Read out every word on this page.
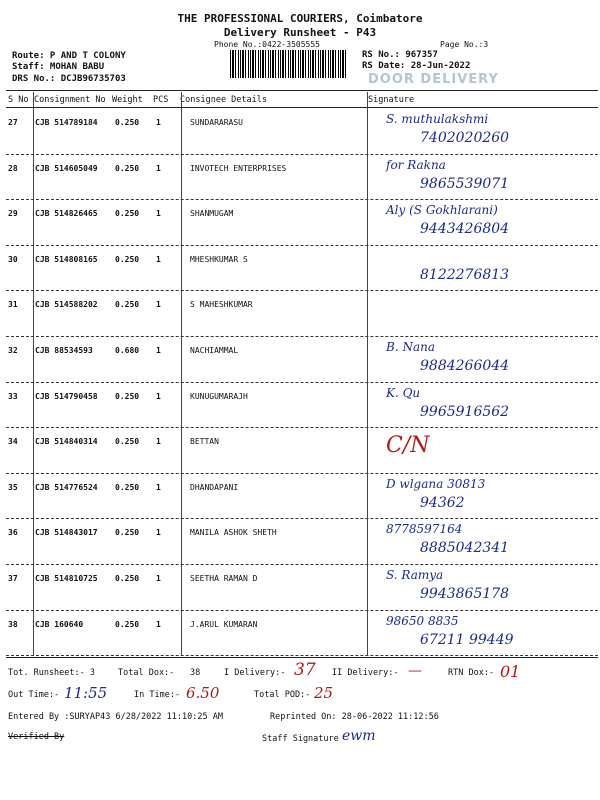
THE PROFESSIONAL COURIERS, Coimbatore
Delivery Runsheet - P43
Phone No.:0422-3505555	Page No.:3
Route: P AND T COLONY
Staff: MOHAN BABU
DRS No.: DCJB96735703
RS No.: 967357
RS Date: 28-Jun-2022
DOOR DELIVERY
S No Consignment No Weight PCS Consignee Details	Signature
27 CJB 514789184 0.250 1	SUNDARARASU	S. muthulakshmi
7402020260
28 CJB 514605049 0.250 1	INVOTECH ENTERPRISES	for Rakna
9865539071
29 CJB 514826465 0.250 1	SHANMUGAM	Aly (S Gokhlarani)
9443426804
30 CJB 514808165 0.250 1	MHESHKUMAR S
8122276813
31 CJB 514588202 0.250 1	S MAHESHKUMAR
32 CJB 88534593	0.680 1	NACHIAMMAL	B. Nana
9884266044
33 CJB 514790458 0.250 1	KUNUGUMARAJH	K. Qu
9965916562
34 CJB 514840314 0.250 1	BETTAN	C/N
35 CJB 514776524 0.250 1	DHANDAPANI	D wlgana 30813
94362
36 CJB 514843017 0.250 1	MANILA ASHOK SHETH	8778597164
8885042341
37 CJB 514810725 0.250 1	SEETHA RAMAN D	S. Ramya
9943865178
38 CJB 160640	0.250 1	J.ARUL KUMARAN	98650 8835
67211 99449
Tot. Runsheet:- 3	Total Dox:- 38	I Delivery:- 37 II Delivery:- —	RTN Dox:- 01
Out Time:- 11:55	In Time:- 6.50	Total POD:- 25
Entered By :SURYAP43 6/28/2022 11:10:25 AM	Reprinted On: 28-06-2022 11:12:56
Verified By	Staff Signature ewm
